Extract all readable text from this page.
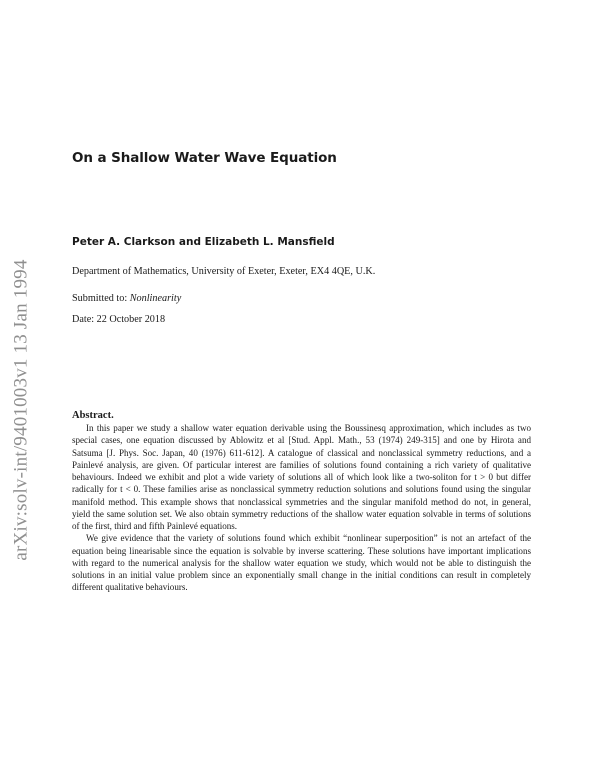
arXiv:solv-int/9401003v1 13 Jan 1994
On a Shallow Water Wave Equation
Peter A. Clarkson and Elizabeth L. Mansfield
Department of Mathematics, University of Exeter, Exeter, EX4 4QE, U.K.
Submitted to: Nonlinearity
Date: 22 October 2018
Abstract.

In this paper we study a shallow water equation derivable using the Boussinesq approximation, which includes as two special cases, one equation discussed by Ablowitz et al [Stud. Appl. Math., 53 (1974) 249-315] and one by Hirota and Satsuma [J. Phys. Soc. Japan, 40 (1976) 611-612]. A catalogue of classical and nonclassical symmetry reductions, and a Painlevé analysis, are given. Of particular interest are families of solutions found containing a rich variety of qualitative behaviours. Indeed we exhibit and plot a wide variety of solutions all of which look like a two-soliton for t > 0 but differ radically for t < 0. These families arise as nonclassical symmetry reduction solutions and solutions found using the singular manifold method. This example shows that nonclassical symmetries and the singular manifold method do not, in general, yield the same solution set. We also obtain symmetry reductions of the shallow water equation solvable in terms of solutions of the first, third and fifth Painlevé equations.

We give evidence that the variety of solutions found which exhibit “nonlinear superposition” is not an artefact of the equation being linearisable since the equation is solvable by inverse scattering. These solutions have important implications with regard to the numerical analysis for the shallow water equation we study, which would not be able to distinguish the solutions in an initial value problem since an exponentially small change in the initial conditions can result in completely different qualitative behaviours.
